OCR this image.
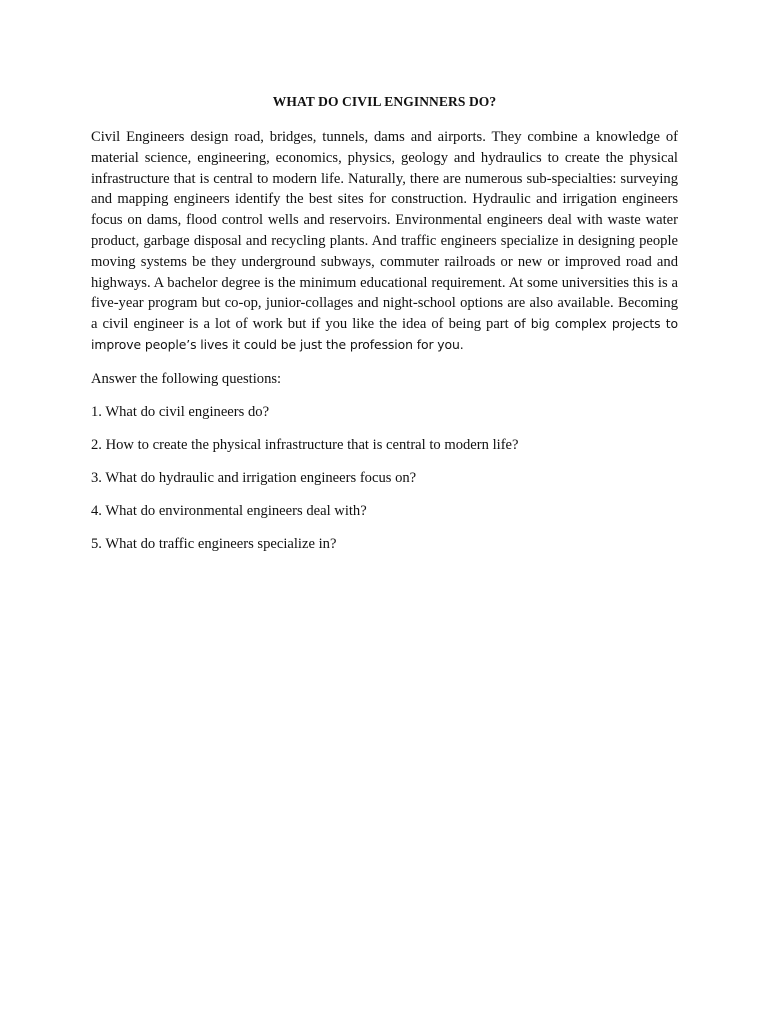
WHAT DO CIVIL ENGINNERS DO?

Civil Engineers design road, bridges, tunnels, dams and airports. They combine a knowledge of material science, engineering, economics, physics, geology and hydraulics to create the physical infrastructure that is central to modern life. Naturally, there are numerous sub-specialties: surveying and mapping engineers identify the best sites for construction. Hydraulic and irrigation engineers focus on dams, flood control wells and reservoirs. Environmental engineers deal with waste water product, garbage disposal and recycling plants. And traffic engineers specialize in designing people moving systems be they underground subways, commuter railroads or new or improved road and highways. A bachelor degree is the minimum educational requirement. At some universities this is a five-year program but co-op, junior-collages and night-school options are also available. Becoming a civil engineer is a lot of work but if you like the idea of being part of big complex projects to improve people’s lives it could be just the profession for you.

Answer the following questions:

1. What do civil engineers do?
2. How to create the physical infrastructure that is central to modern life?
3. What do hydraulic and irrigation engineers focus on?
4. What do environmental engineers deal with?
5. What do traffic engineers specialize in?
